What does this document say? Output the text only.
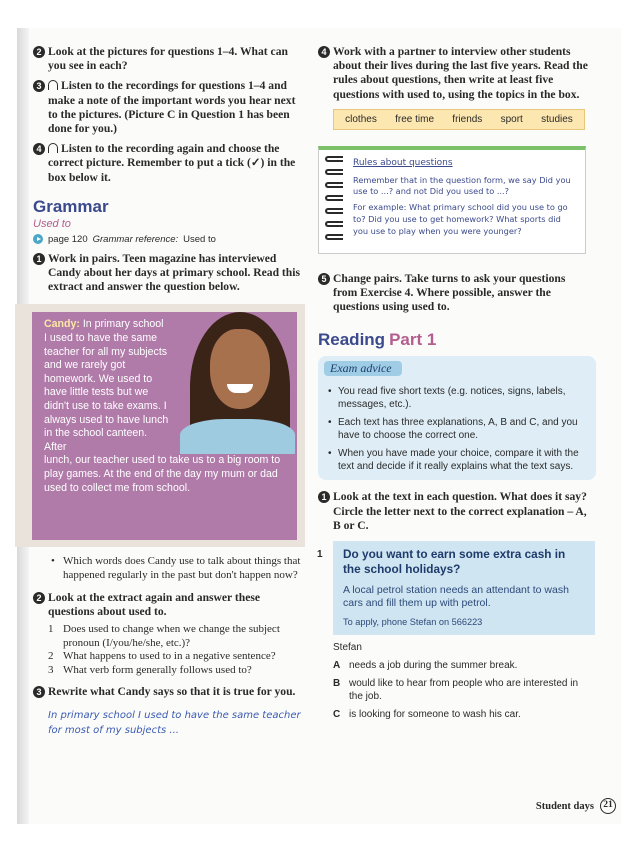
2 Look at the pictures for questions 1–4. What can you see in each?
3	Listen to the recordings for questions 1–4 and make a note of the important words you hear next to the pictures. (Picture C in Question 1 has been done for you.)
4	Listen to the recording again and choose the correct picture. Remember to put a tick (✓) in the box below it.
Grammar
Used to
page 120 Grammar reference: Used to
1 Work in pairs. Teen magazine has interviewed Candy about her days at primary school. Read this extract and answer the question below.
Candy: In primary school I used to have the same teacher for all my subjects and we rarely got homework. We used to have little tests but we didn't use to take exams. I always used to have lunch in the school canteen. After
lunch, our teacher used to take us to a big room to play games. At the end of the day my mum or dad used to collect me from school.
• Which words does Candy use to talk about things that happened regularly in the past but don't happen now?
2 Look at the extract again and answer these questions about used to.
1 Does used to change when we change the subject pronoun (I/you/he/she, etc.)?
2 What happens to used to in a negative sentence?
3 What verb form generally follows used to?
3 Rewrite what Candy says so that it is true for you.
In primary school I used to have the same teacher for most of my subjects ...
4 Work with a partner to interview other students about their lives during the last five years. Read the rules about questions, then write at least five questions with used to, using the topics in the box.
clothes free time friends sport studies
Rules about questions
Remember that in the question form, we say Did you use to ...? and not Did you used to ...?
For example: What primary school did you use to go to? Did you use to get homework? What sports did you use to play when you were younger?
5 Change pairs. Take turns to ask your questions from Exercise 4. Where possible, answer the questions using used to.
Reading Part 1
Exam advice
• You read five short texts (e.g. notices, signs, labels, messages, etc.).
• Each text has three explanations, A, B and C, and you have to choose the correct one.
• When you have made your choice, compare it with the text and decide if it really explains what the text says.
1 Look at the text in each question. What does it say? Circle the letter next to the correct explanation – A, B or C.
1 Do you want to earn some extra cash in the school holidays?

A local petrol station needs an attendant to wash cars and fill them up with petrol.

To apply, phone Stefan on 566223
Stefan
A needs a job during the summer break.
B would like to hear from people who are interested in the job.
C is looking for someone to wash his car.
Student days 21
